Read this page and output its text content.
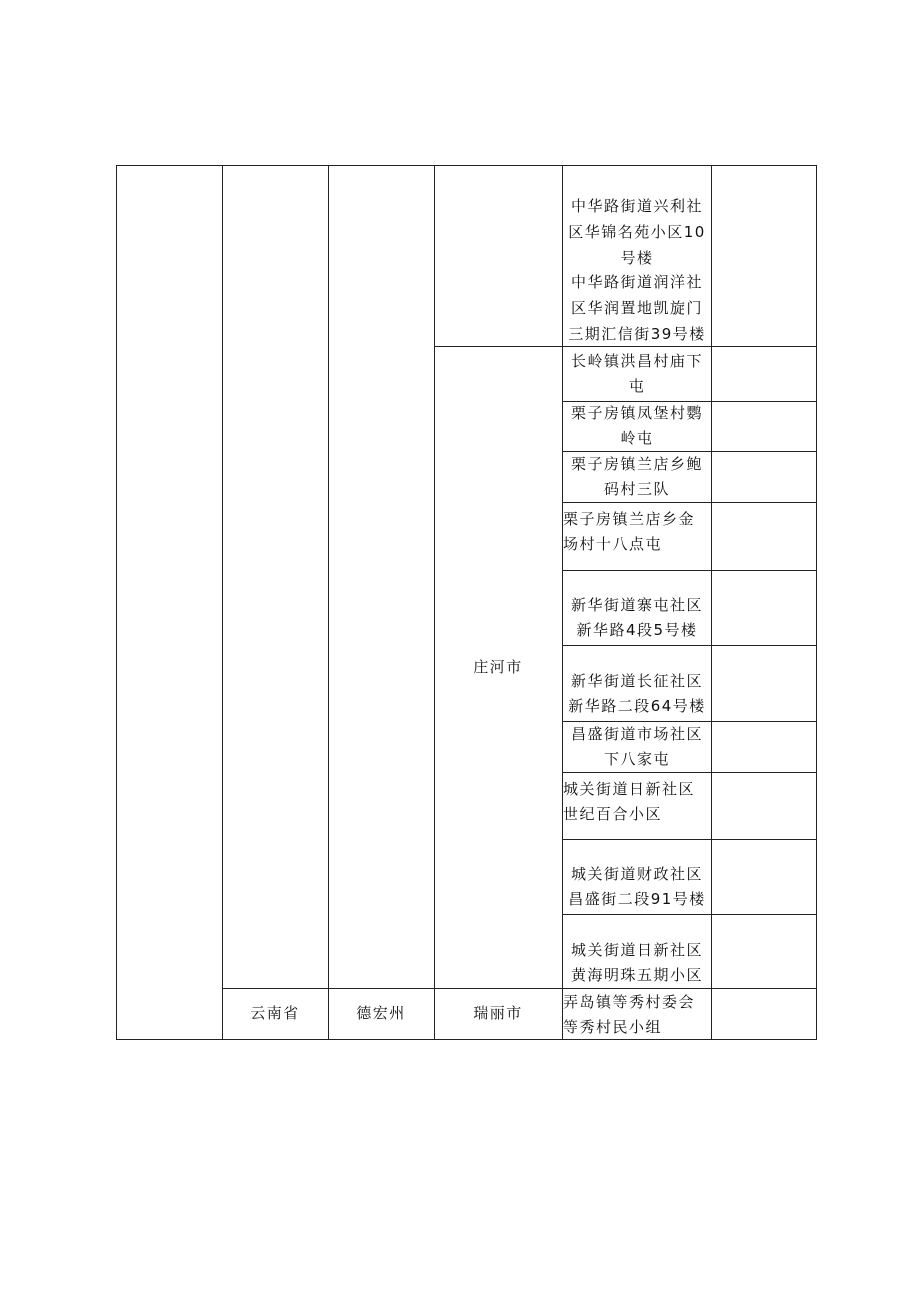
庄河市
中华路街道兴利社
区华锦名苑小区10
号楼
中华路街道润洋社
区华润置地凯旋门
三期汇信街39号楼
长岭镇洪昌村庙下
屯
栗子房镇凤堡村鹦
岭屯
栗子房镇兰店乡鲍
码村三队
栗子房镇兰店乡金
场村十八点屯
新华街道寨屯社区
新华路4段5号楼
新华街道长征社区
新华路二段64号楼
昌盛街道市场社区
下八家屯
城关街道日新社区
世纪百合小区
城关街道财政社区
昌盛街二段91号楼
城关街道日新社区
黄海明珠五期小区
云南省	德宏州	瑞丽市
弄岛镇等秀村委会
等秀村民小组
